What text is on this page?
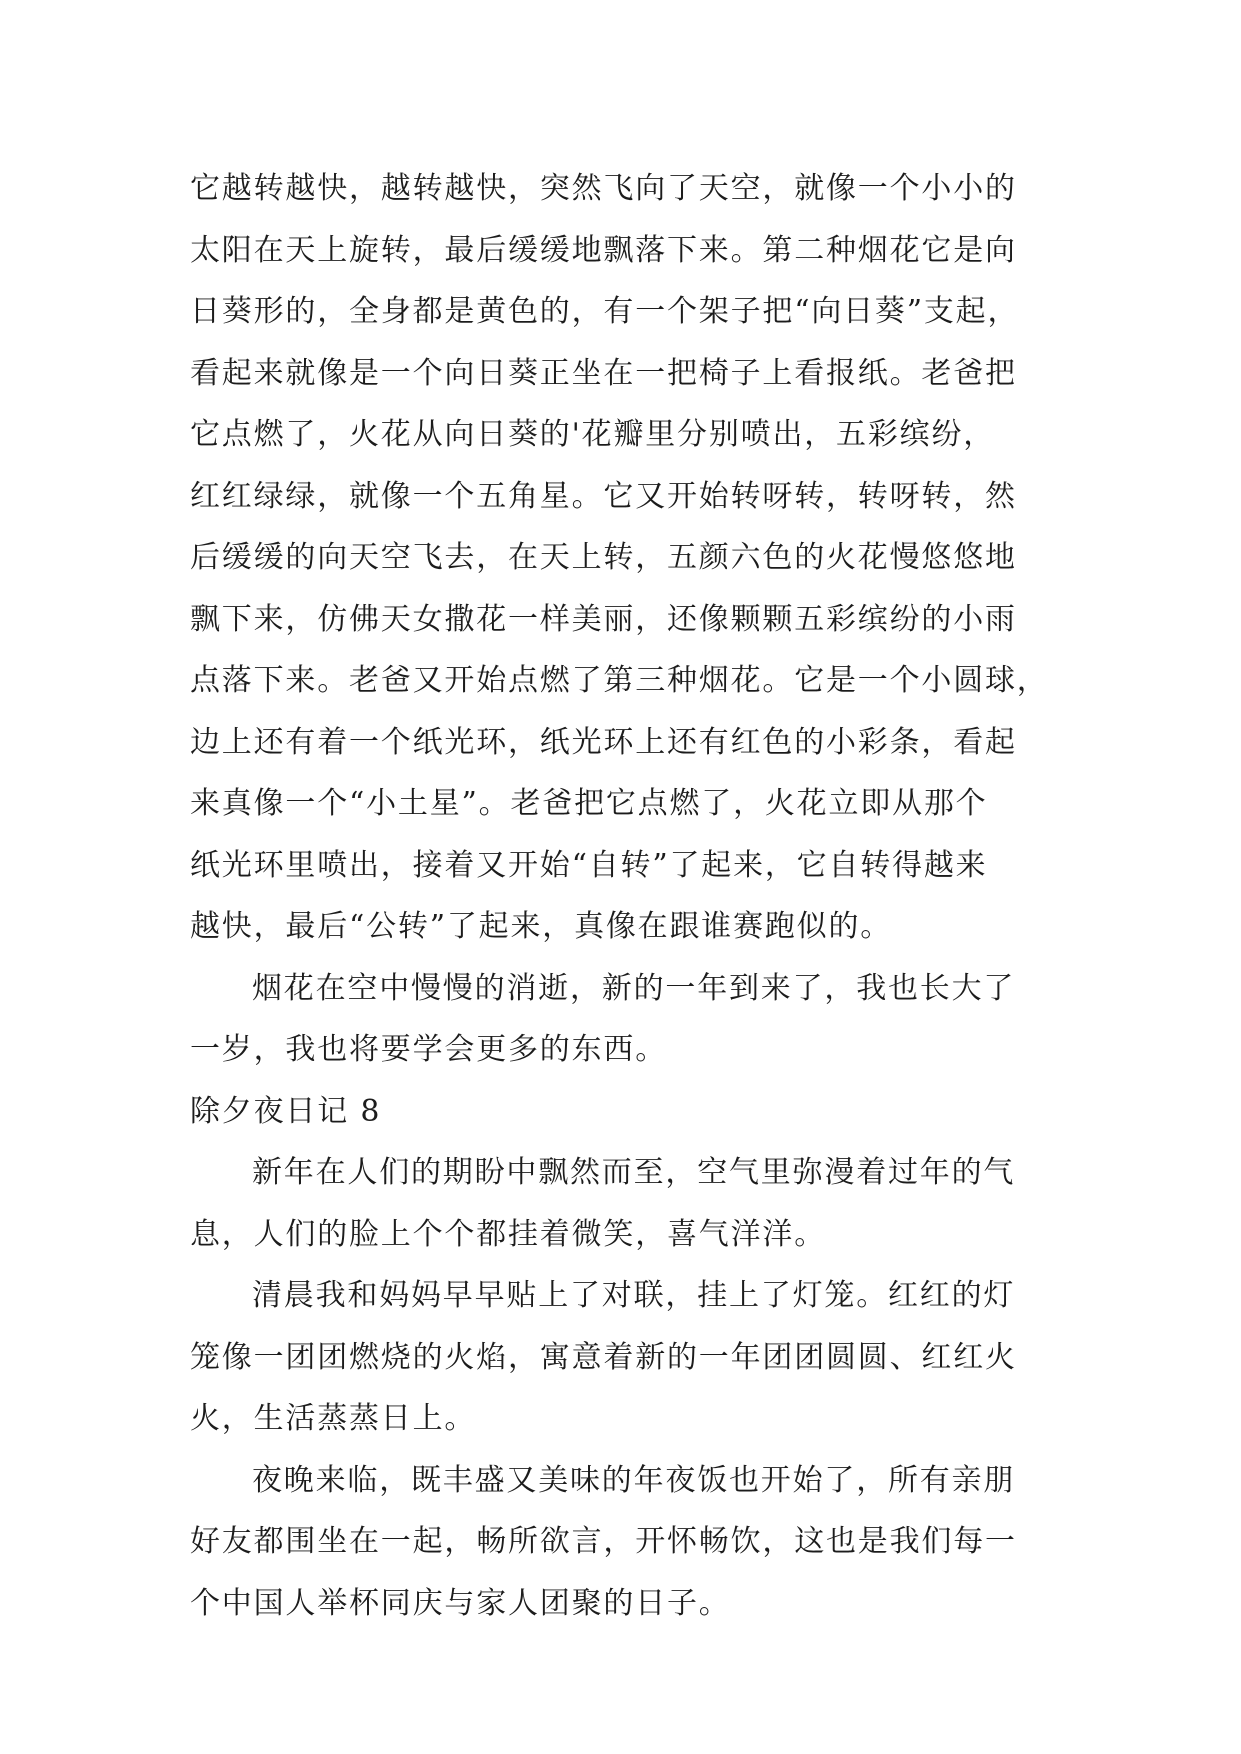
它越转越快，越转越快，突然飞向了天空，就像一个小小的
太阳在天上旋转，最后缓缓地飘落下来。第二种烟花它是向
日葵形的，全身都是黄色的，有一个架子把“向日葵”支起，
看起来就像是一个向日葵正坐在一把椅子上看报纸。老爸把
它点燃了，火花从向日葵的'花瓣里分别喷出，五彩缤纷，
红红绿绿，就像一个五角星。它又开始转呀转，转呀转，然
后缓缓的向天空飞去，在天上转，五颜六色的火花慢悠悠地
飘下来，仿佛天女撒花一样美丽，还像颗颗五彩缤纷的小雨
点落下来。老爸又开始点燃了第三种烟花。它是一个小圆球，
边上还有着一个纸光环，纸光环上还有红色的小彩条，看起
来真像一个“小土星”。老爸把它点燃了，火花立即从那个
纸光环里喷出，接着又开始“自转”了起来，它自转得越来
越快，最后“公转”了起来，真像在跟谁赛跑似的。
烟花在空中慢慢的消逝，新的一年到来了，我也长大了
一岁，我也将要学会更多的东西。
除夕夜日记 8
新年在人们的期盼中飘然而至，空气里弥漫着过年的气
息，人们的脸上个个都挂着微笑，喜气洋洋。
清晨我和妈妈早早贴上了对联，挂上了灯笼。红红的灯
笼像一团团燃烧的火焰，寓意着新的一年团团圆圆、红红火
火，生活蒸蒸日上。
夜晚来临，既丰盛又美味的年夜饭也开始了，所有亲朋
好友都围坐在一起，畅所欲言，开怀畅饮，这也是我们每一
个中国人举杯同庆与家人团聚的日子。
